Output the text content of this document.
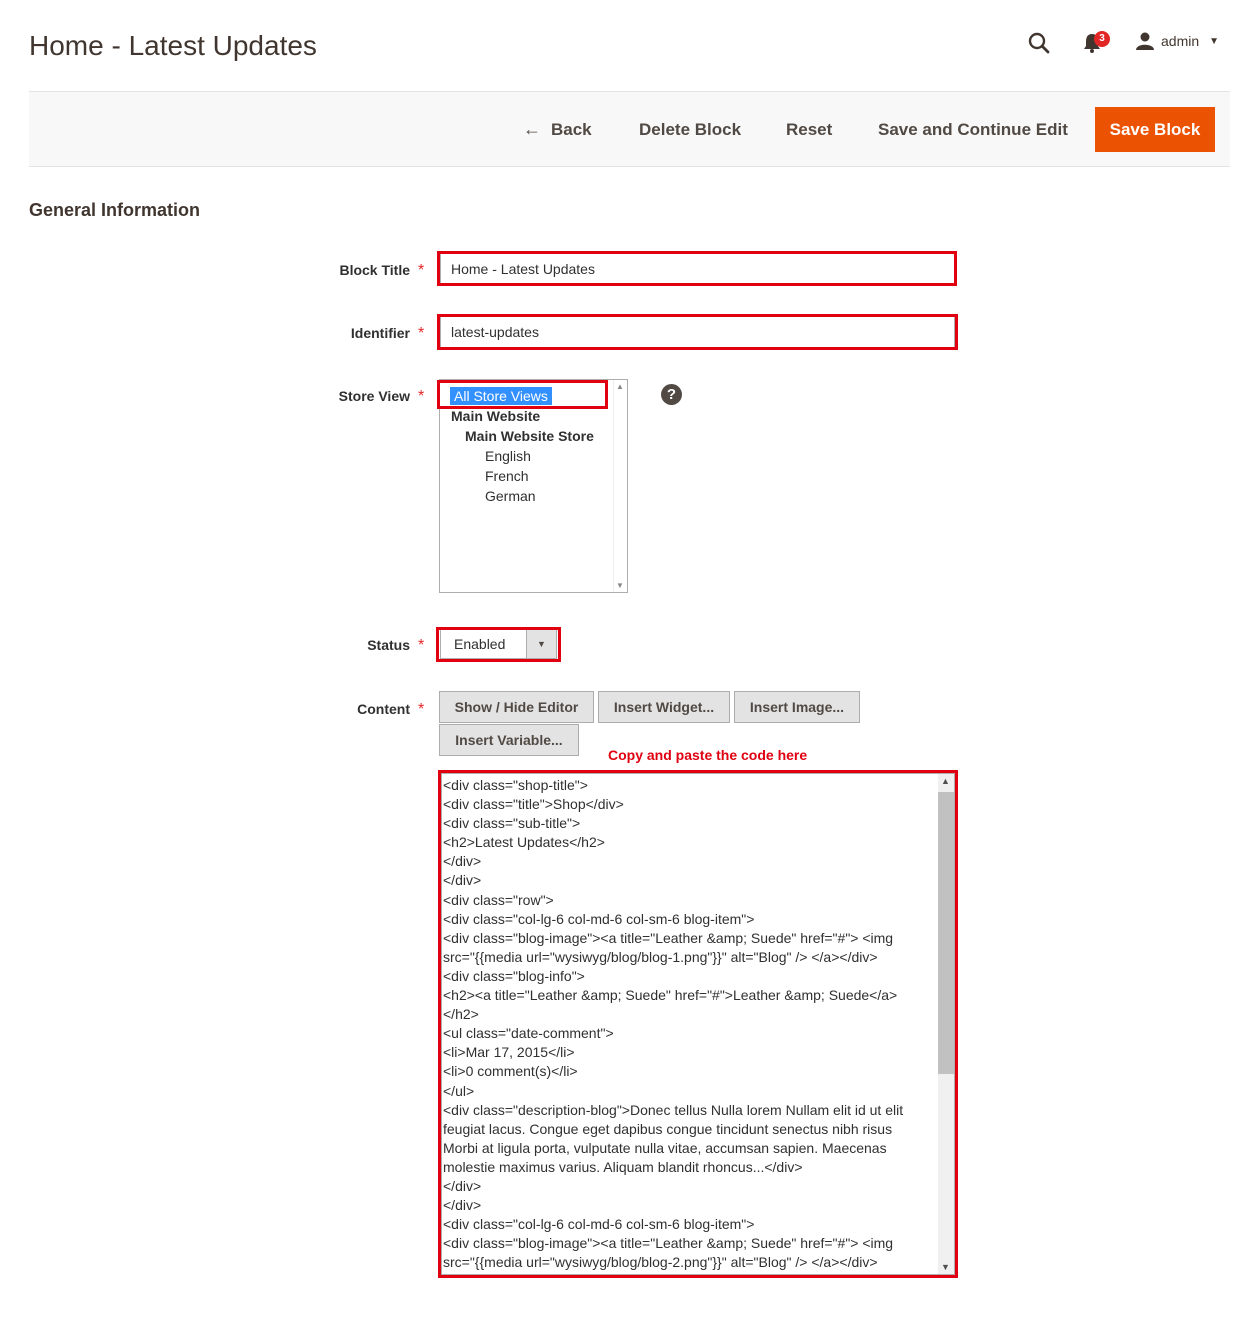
Home - Latest Updates	3	admin ▼
← Back	Delete Block	Reset	Save and Continue Edit	Save Block
General Information
Block Title *	Home - Latest Updates
Identifier *	latest-updates
Store View * All Store Views
Main Website
Main Website Store
English
French
German
▲
▼
?
Status * Enabled	▼
Content *	Show / Hide Editor	Insert Widget...	Insert Image...
Insert Variable...
Copy and paste the code here
<div class="shop-title">
<div class="title">Shop</div>
<div class="sub-title">
<h2>Latest Updates</h2>
</div>
</div>
<div class="row">
<div class="col-lg-6 col-md-6 col-sm-6 blog-item">
<div class="blog-image"><a title="Leather &amp; Suede" href="#"> <img
src="{{media url="wysiwyg/blog/blog-1.png"}}" alt="Blog" /> </a></div>
<div class="blog-info">
<h2><a title="Leather &amp; Suede" href="#">Leather &amp; Suede</a>
</h2>
<ul class="date-comment">
<li>Mar 17, 2015</li>
<li>0 comment(s)</li>
</ul>
<div class="description-blog">Donec tellus Nulla lorem Nullam elit id ut elit
feugiat lacus. Congue eget dapibus congue tincidunt senectus nibh risus
Morbi at ligula porta, vulputate nulla vitae, accumsan sapien. Maecenas
molestie maximus varius. Aliquam blandit rhoncus...</div>
</div>
</div>
<div class="col-lg-6 col-md-6 col-sm-6 blog-item">
<div class="blog-image"><a title="Leather &amp; Suede" href="#"> <img
src="{{media url="wysiwyg/blog/blog-2.png"}}" alt="Blog" /> </a></div>
▲
▼
